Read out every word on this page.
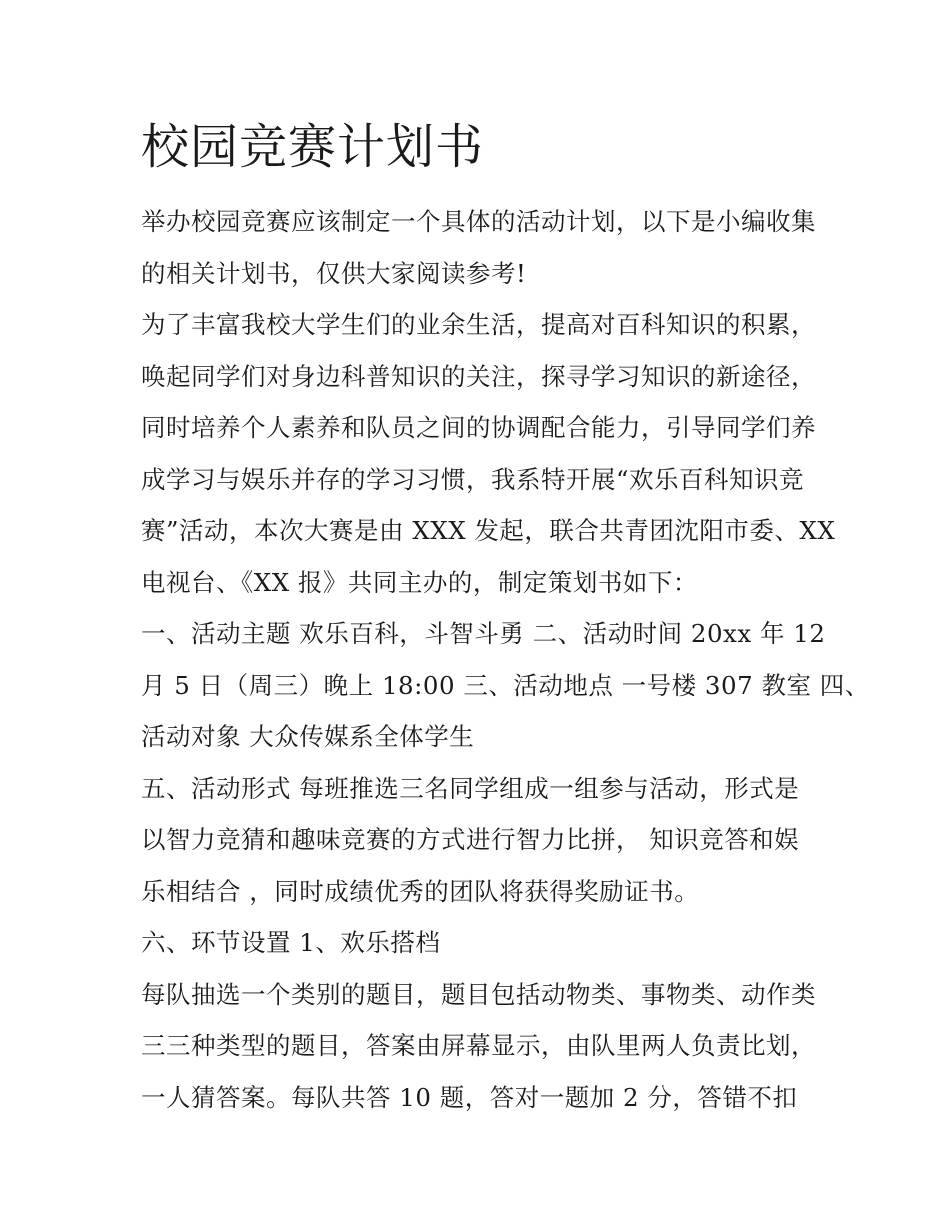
校园竞赛计划书

举办校园竞赛应该制定一个具体的活动计划，以下是小编收集
的相关计划书，仅供大家阅读参考!

为了丰富我校大学生们的业余生活，提高对百科知识的积累，
唤起同学们对身边科普知识的关注，探寻学习知识的新途径，
同时培养个人素养和队员之间的协调配合能力，引导同学们养
成学习与娱乐并存的学习习惯，我系特开展“欢乐百科知识竞
赛”活动，本次大赛是由 XXX 发起，联合共青团沈阳市委、XX
电视台、《XX 报》共同主办的，制定策划书如下：

一、活动主题 欢乐百科，斗智斗勇 二、活动时间 20xx 年 12
月 5 日（周三）晚上 18:00 三、活动地点 一号楼 307 教室 四、
活动对象 大众传媒系全体学生

五、活动形式 每班推选三名同学组成一组参与活动，形式是
以智力竞猜和趣味竞赛的方式进行智力比拼， 知识竞答和娱
乐相结合 ，同时成绩优秀的团队将获得奖励证书。

六、环节设置 1、欢乐搭档

每队抽选一个类别的题目，题目包括动物类、事物类、动作类
三三种类型的题目，答案由屏幕显示，由队里两人负责比划，
一人猜答案。每队共答 10 题，答对一题加 2 分，答错不扣
